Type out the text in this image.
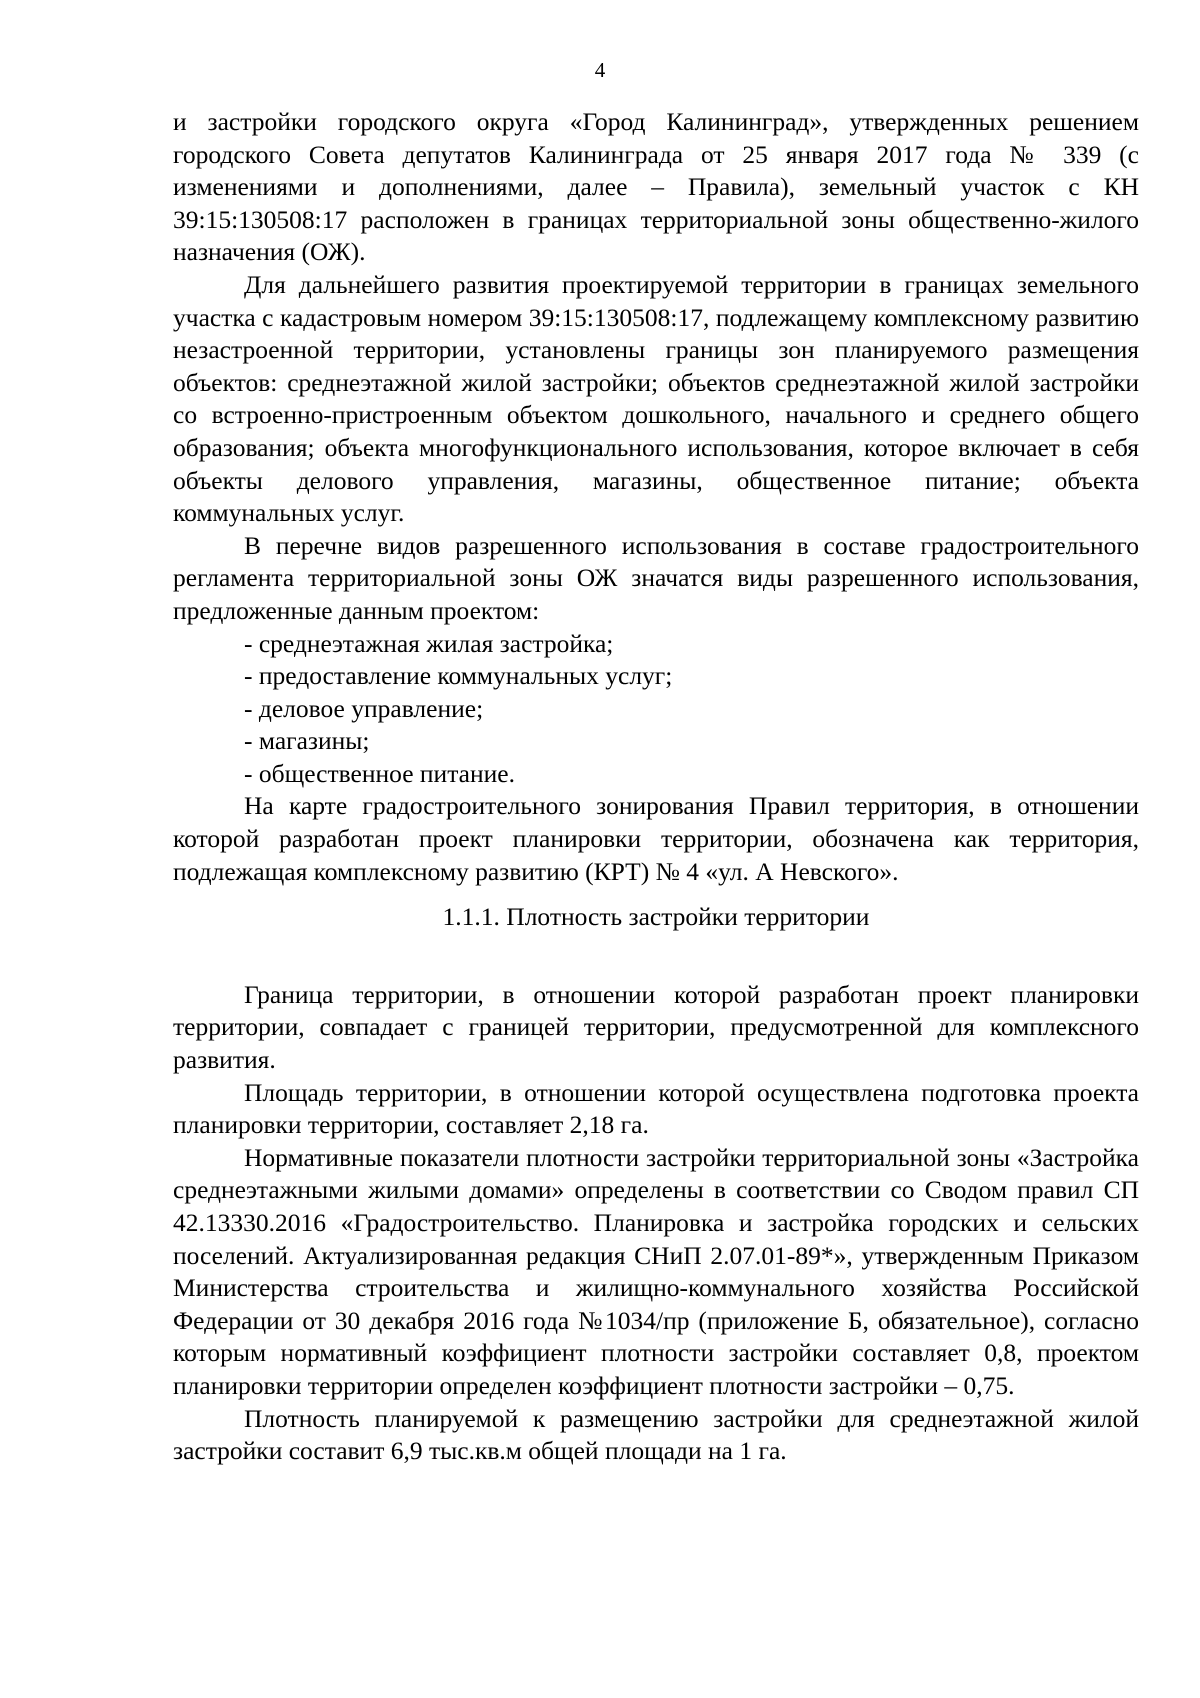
4

и застройки городского округа «Город Калининград», утвержденных решением городского Совета депутатов Калининграда от 25 января 2017 года № 339 (с изменениями и дополнениями, далее – Правила), земельный участок с КН 39:15:130508:17 расположен в границах территориальной зоны общественно-жилого назначения (ОЖ).

Для дальнейшего развития проектируемой территории в границах земельного участка с кадастровым номером 39:15:130508:17, подлежащему комплексному развитию незастроенной территории, установлены границы зон планируемого размещения объектов: среднеэтажной жилой застройки; объектов среднеэтажной жилой застройки со встроенно-пристроенным объектом дошкольного, начального и среднего общего образования; объекта многофункционального использования, которое включает в себя объекты делового управления, магазины, общественное питание; объекта коммунальных услуг.

В перечне видов разрешенного использования в составе градостроительного регламента территориальной зоны ОЖ значатся виды разрешенного использования, предложенные данным проектом:

- среднеэтажная жилая застройка;

- предоставление коммунальных услуг;

- деловое управление;

- магазины;

- общественное питание.

На карте градостроительного зонирования Правил территория, в отношении которой разработан проект планировки территории, обозначена как территория, подлежащая комплексному развитию (КРТ) № 4 «ул. А Невского».

1.1.1. Плотность застройки территории

Граница территории, в отношении которой разработан проект планировки территории, совпадает с границей территории, предусмотренной для комплексного развития.

Площадь территории, в отношении которой осуществлена подготовка проекта планировки территории, составляет 2,18 га.

Нормативные показатели плотности застройки территориальной зоны «Застройка среднеэтажными жилыми домами» определены в соответствии со Сводом правил СП 42.13330.2016 «Градостроительство. Планировка и застройка городских и сельских поселений. Актуализированная редакция СНиП 2.07.01-89*», утвержденным Приказом Министерства строительства и жилищно-коммунального хозяйства Российской Федерации от 30 декабря 2016 года №1034/пр (приложение Б, обязательное), согласно которым нормативный коэффициент плотности застройки составляет 0,8, проектом планировки территории определен коэффициент плотности застройки – 0,75.

Плотность планируемой к размещению застройки для среднеэтажной жилой застройки составит 6,9 тыс.кв.м общей площади на 1 га.
